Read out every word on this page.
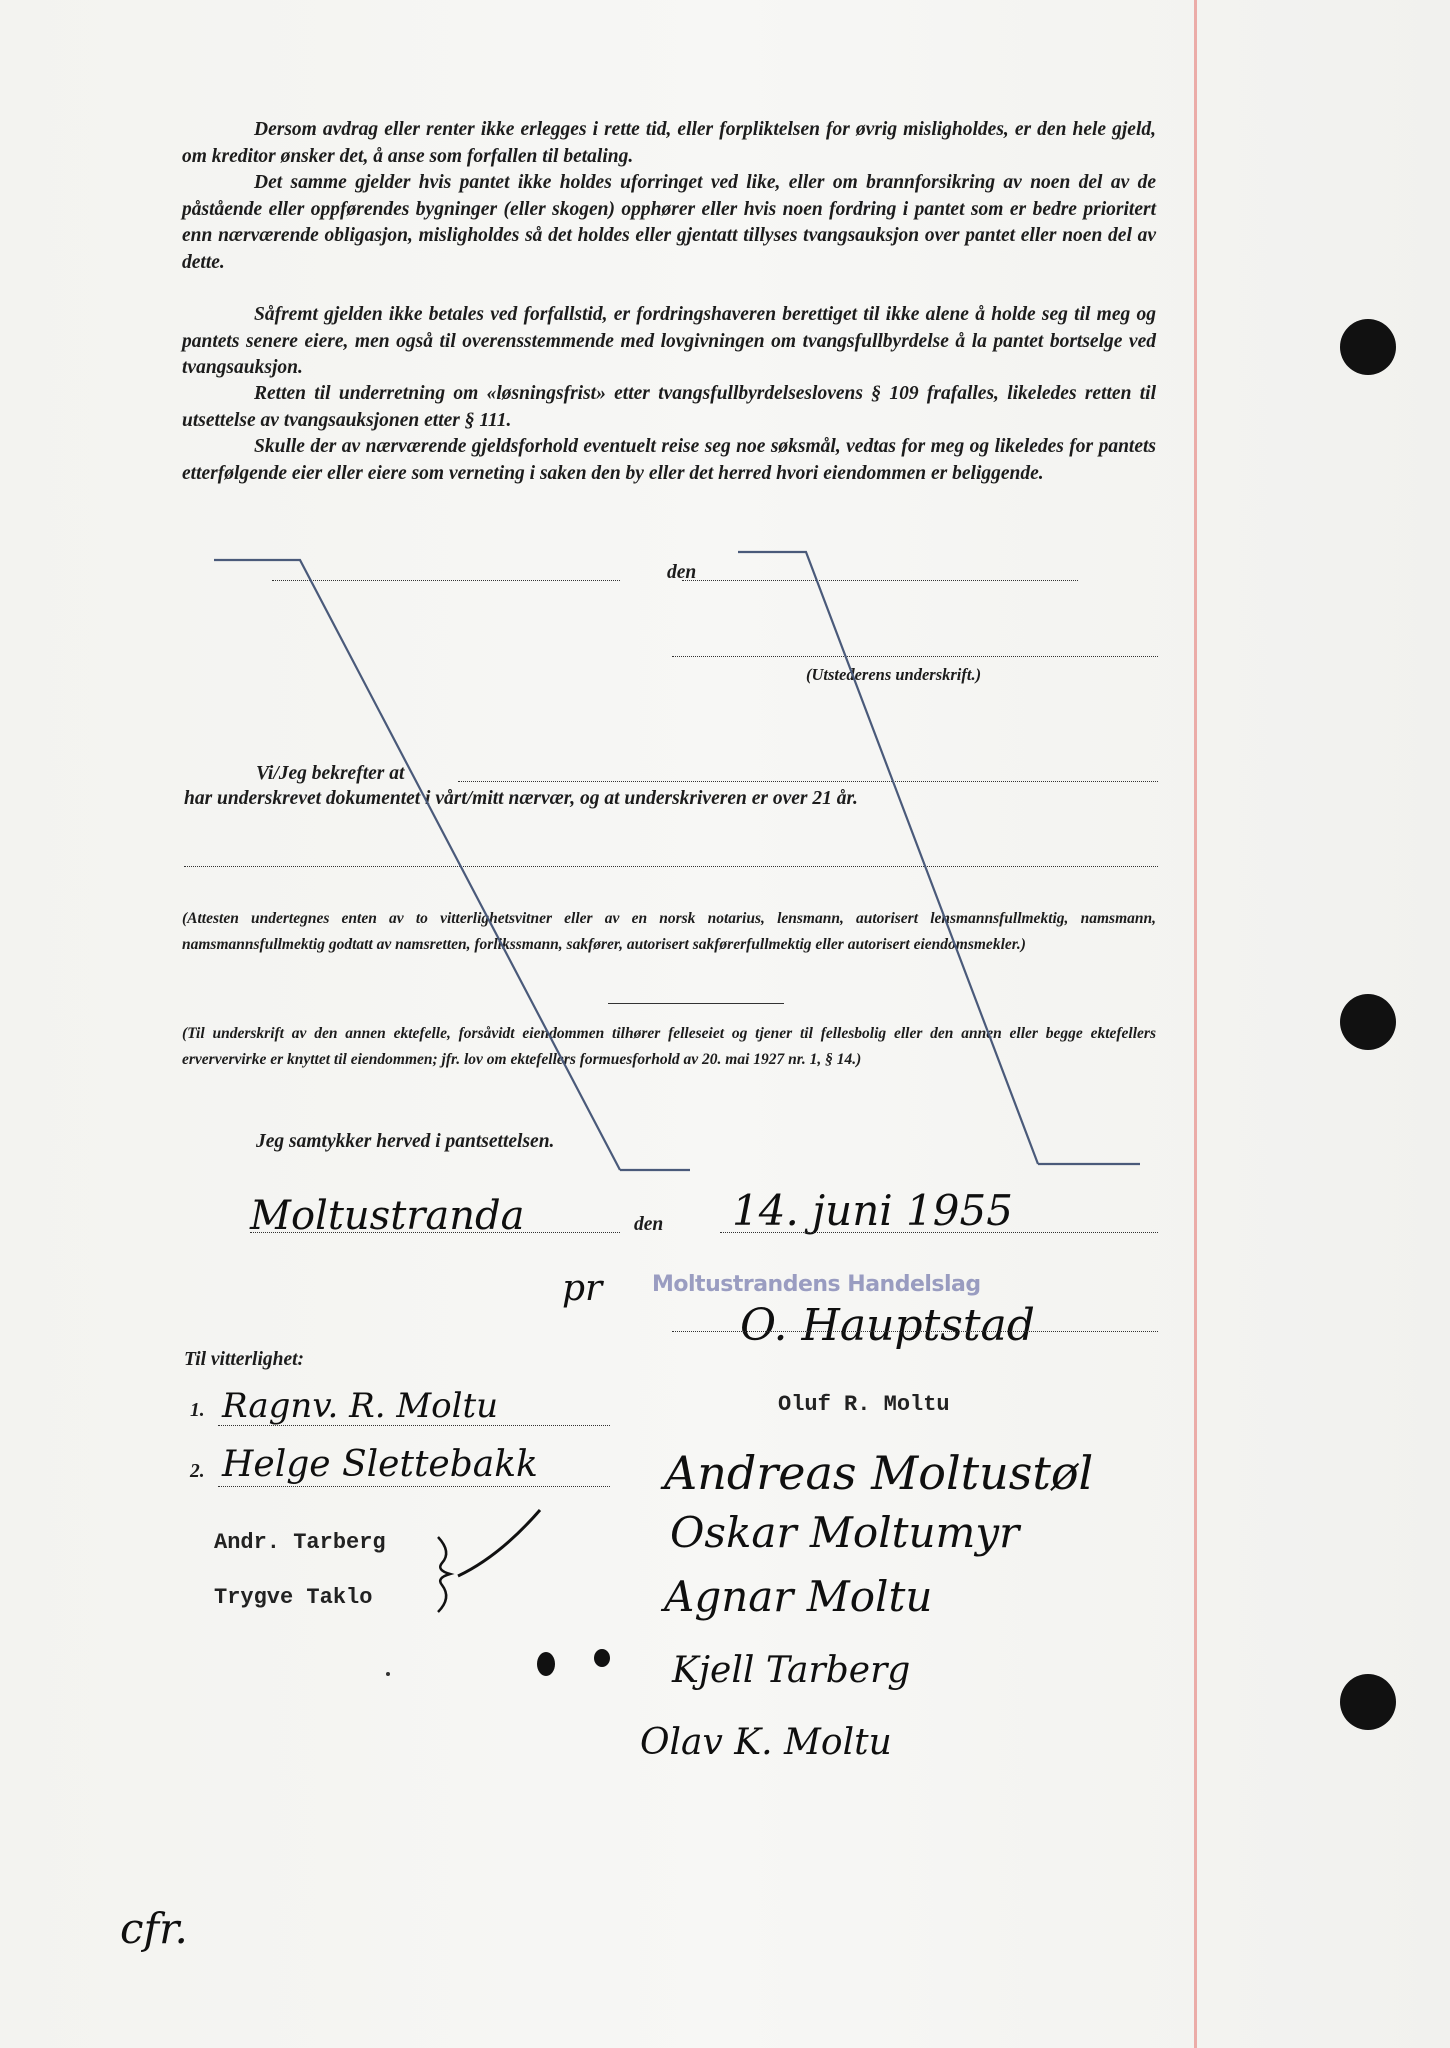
Dersom avdrag eller renter ikke erlegges i rette tid, eller forpliktelsen for øvrig misligholdes, er den hele gjeld, om kreditor ønsker det, å anse som forfallen til betaling.

Det samme gjelder hvis pantet ikke holdes uforringet ved like, eller om brannforsikring av noen del av de påstående eller oppførendes bygninger (eller skogen) opphører eller hvis noen fordring i pantet som er bedre prioritert enn nærværende obligasjon, misligholdes så det holdes eller gjentatt tillyses tvangsauksjon over pantet eller noen del av dette.

Såfremt gjelden ikke betales ved forfallstid, er fordringshaveren berettiget til ikke alene å holde seg til meg og pantets senere eiere, men også til overensstemmende med lovgivningen om tvangsfullbyrdelse å la pantet bortselge ved tvangsauksjon.

Retten til underretning om «løsningsfrist» etter tvangsfullbyrdelseslovens § 109 frafalles, likeledes retten til utsettelse av tvangsauksjonen etter § 111.

Skulle der av nærværende gjeldsforhold eventuelt reise seg noe søksmål, vedtas for meg og likeledes for pantets etterfølgende eier eller eiere som verneting i saken den by eller det herred hvori eiendommen er beliggende.

den
(Utstederens underskrift.)
Vi/Jeg bekrefter at
har underskrevet dokumentet i vårt/mitt nærvær, og at underskriveren er over 21 år.

(Attesten undertegnes enten av to vitterlighetsvitner eller av en norsk notarius, lensmann, autorisert lensmannsfullmektig, namsmann, namsmannsfullmektig godtatt av namsretten, forlikssmann, sakfører, autorisert sakførerfullmektig eller autorisert eiendomsmekler.)

(Til underskrift av den annen ektefelle, forsåvidt eiendommen tilhører felleseiet og tjener til fellesbolig eller den annen eller begge ektefellers erververvirke er knyttet til eiendommen; jfr. lov om ektefellers formuesforhold av 20. mai 1927 nr. 1, § 14.)

Jeg samtykker herved i pantsettelsen.
Moltustranda	den 14. juni 1955
pr Moltustrandens Handelslag
O. Hauptstad
Til vitterlighet:
1. Ragnv. R. Moltu
2. Helge Slettebakk
Oluf R. Moltu
Andr. Tarberg
Trygve Taklo
Andreas Moltustøl
Oskar Moltumyr
Agnar Moltu
Kjell Tarberg
Olav K. Moltu
cfr.
